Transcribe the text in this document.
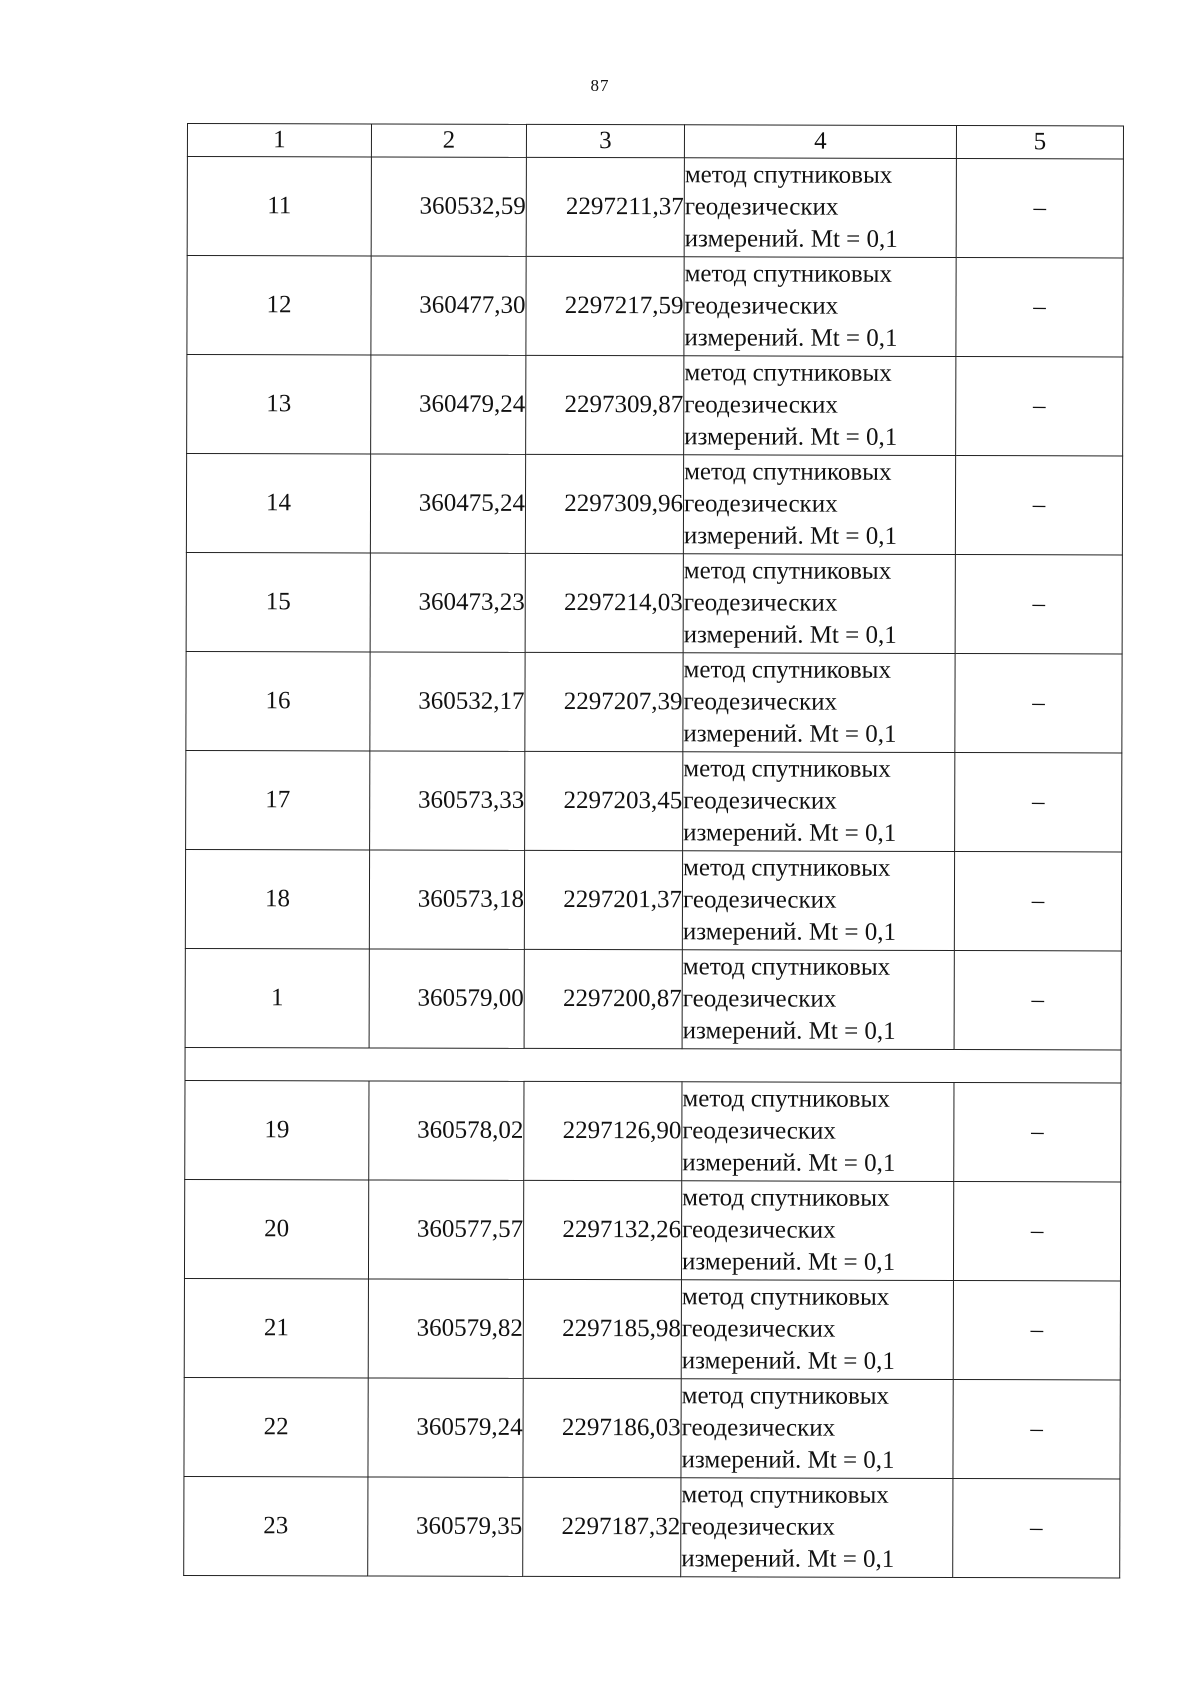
87
1	2	3	4	5
11	360532,59	2297211,37	метод спутниковых
геодезических
измерений. Mt = 0,1	–
12	360477,30	2297217,59	метод спутниковых
геодезических
измерений. Mt = 0,1	–
13	360479,24	2297309,87	метод спутниковых
геодезических
измерений. Mt = 0,1	–
14	360475,24	2297309,96	метод спутниковых
геодезических
измерений. Mt = 0,1	–
15	360473,23	2297214,03	метод спутниковых
геодезических
измерений. Mt = 0,1	–
16	360532,17	2297207,39	метод спутниковых
геодезических
измерений. Mt = 0,1	–
17	360573,33	2297203,45	метод спутниковых
геодезических
измерений. Mt = 0,1	–
18	360573,18	2297201,37	метод спутниковых
геодезических
измерений. Mt = 0,1	–
1	360579,00	2297200,87	метод спутниковых
геодезических
измерений. Mt = 0,1	–

19	360578,02	2297126,90	метод спутниковых
геодезических
измерений. Mt = 0,1	–
20	360577,57	2297132,26	метод спутниковых
геодезических
измерений. Mt = 0,1	–
21	360579,82	2297185,98	метод спутниковых
геодезических
измерений. Mt = 0,1	–
22	360579,24	2297186,03	метод спутниковых
геодезических
измерений. Mt = 0,1	–
23	360579,35	2297187,32	метод спутниковых
геодезических
измерений. Mt = 0,1	–
